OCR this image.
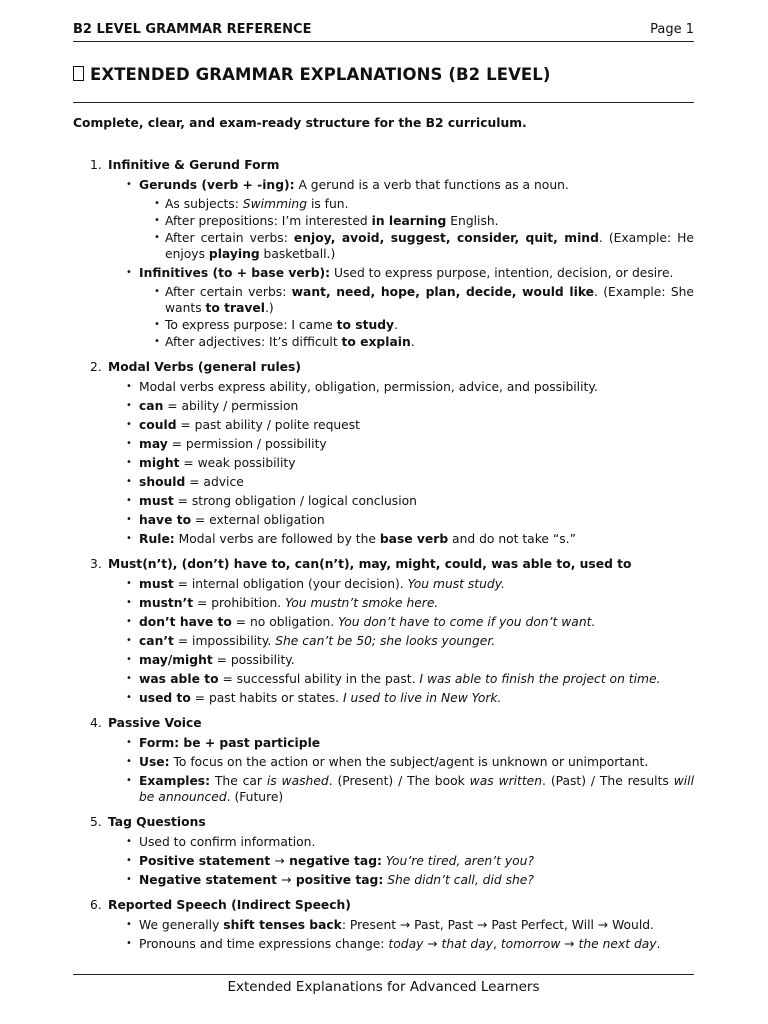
B2 LEVEL GRAMMAR REFERENCE	Page 1
EXTENDED GRAMMAR EXPLANATIONS (B2 LEVEL)
Complete, clear, and exam-ready structure for the B2 curriculum.
1. Infinitive & Gerund Form
• Gerunds (verb + -ing): A gerund is a verb that functions as a noun.
• As subjects: Swimming is fun.
• After prepositions: I’m interested in learning English.
• After certain verbs: enjoy, avoid, suggest, consider, quit, mind. (Example: He enjoys playing basketball.)
• Infinitives (to + base verb): Used to express purpose, intention, decision, or desire.
• After certain verbs: want, need, hope, plan, decide, would like. (Example: She wants to travel.)
• To express purpose: I came to study.
• After adjectives: It’s difficult to explain.
2. Modal Verbs (general rules)
• Modal verbs express ability, obligation, permission, advice, and possibility.
• can = ability / permission
• could = past ability / polite request
• may = permission / possibility
• might = weak possibility
• should = advice
• must = strong obligation / logical conclusion
• have to = external obligation
• Rule: Modal verbs are followed by the base verb and do not take “s.”
3. Must(n’t), (don’t) have to, can(n’t), may, might, could, was able to, used to
• must = internal obligation (your decision). You must study.
• mustn’t = prohibition. You mustn’t smoke here.
• don’t have to = no obligation. You don’t have to come if you don’t want.
• can’t = impossibility. She can’t be 50; she looks younger.
• may/might = possibility.
• was able to = successful ability in the past. I was able to finish the project on time.
• used to = past habits or states. I used to live in New York.
4. Passive Voice
• Form: be + past participle
• Use: To focus on the action or when the subject/agent is unknown or unimportant.
• Examples: The car is washed. (Present) / The book was written. (Past) / The results will be announced. (Future)
5. Tag Questions
• Used to confirm information.
• Positive statement → negative tag: You’re tired, aren’t you?
• Negative statement → positive tag: She didn’t call, did she?
6. Reported Speech (Indirect Speech)
• We generally shift tenses back: Present → Past, Past → Past Perfect, Will → Would.
• Pronouns and time expressions change: today → that day, tomorrow → the next day.
Extended Explanations for Advanced Learners
